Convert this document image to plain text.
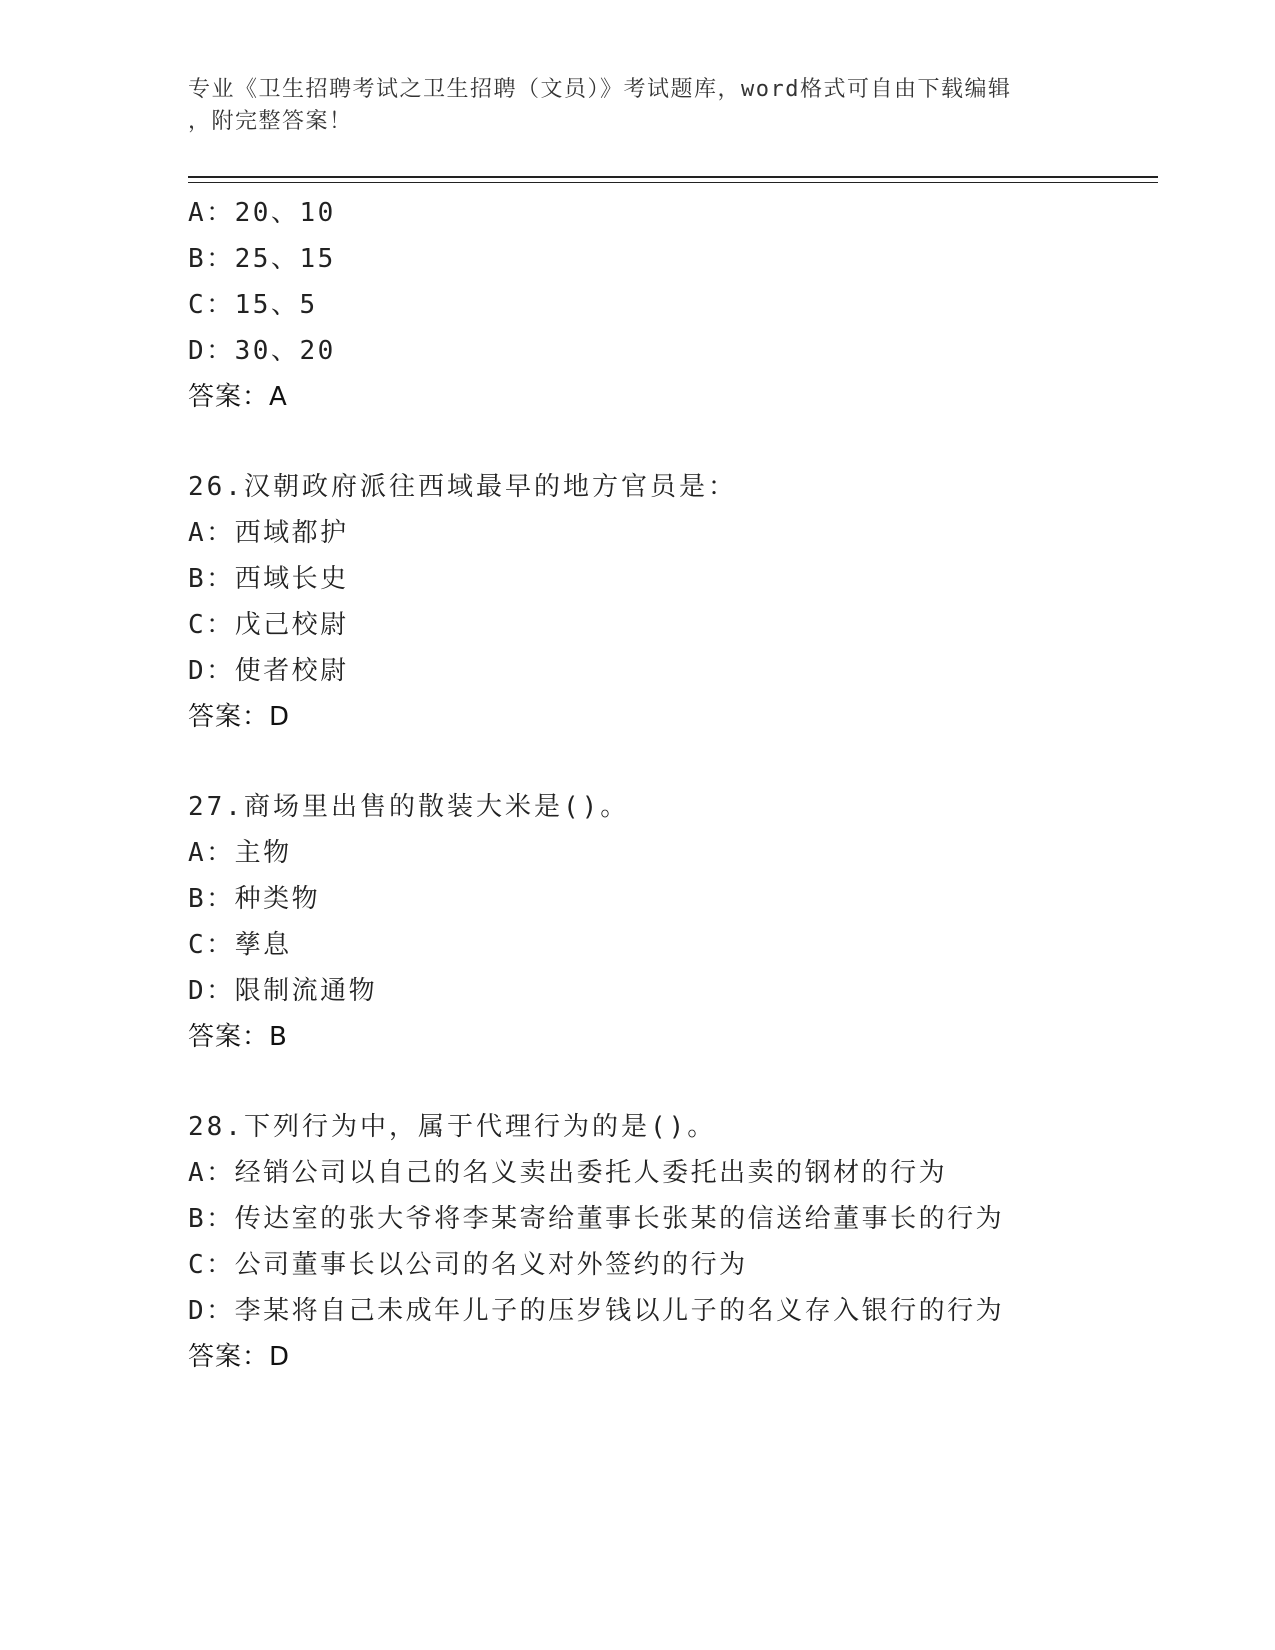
专业《卫生招聘考试之卫生招聘（文员）》考试题库，word格式可自由下载编辑
，附完整答案！
A：20、10
B：25、15
C：15、5
D：30、20
答案：A
26.汉朝政府派往西域最早的地方官员是：
A：西域都护
B：西域长史
C：戊己校尉
D：使者校尉
答案：D
27.商场里出售的散装大米是()。
A：主物
B：种类物
C：孳息
D：限制流通物
答案：B
28.下列行为中，属于代理行为的是()。
A：经销公司以自己的名义卖出委托人委托出卖的钢材的行为
B：传达室的张大爷将李某寄给董事长张某的信送给董事长的行为
C：公司董事长以公司的名义对外签约的行为
D：李某将自己未成年儿子的压岁钱以儿子的名义存入银行的行为
答案：D
